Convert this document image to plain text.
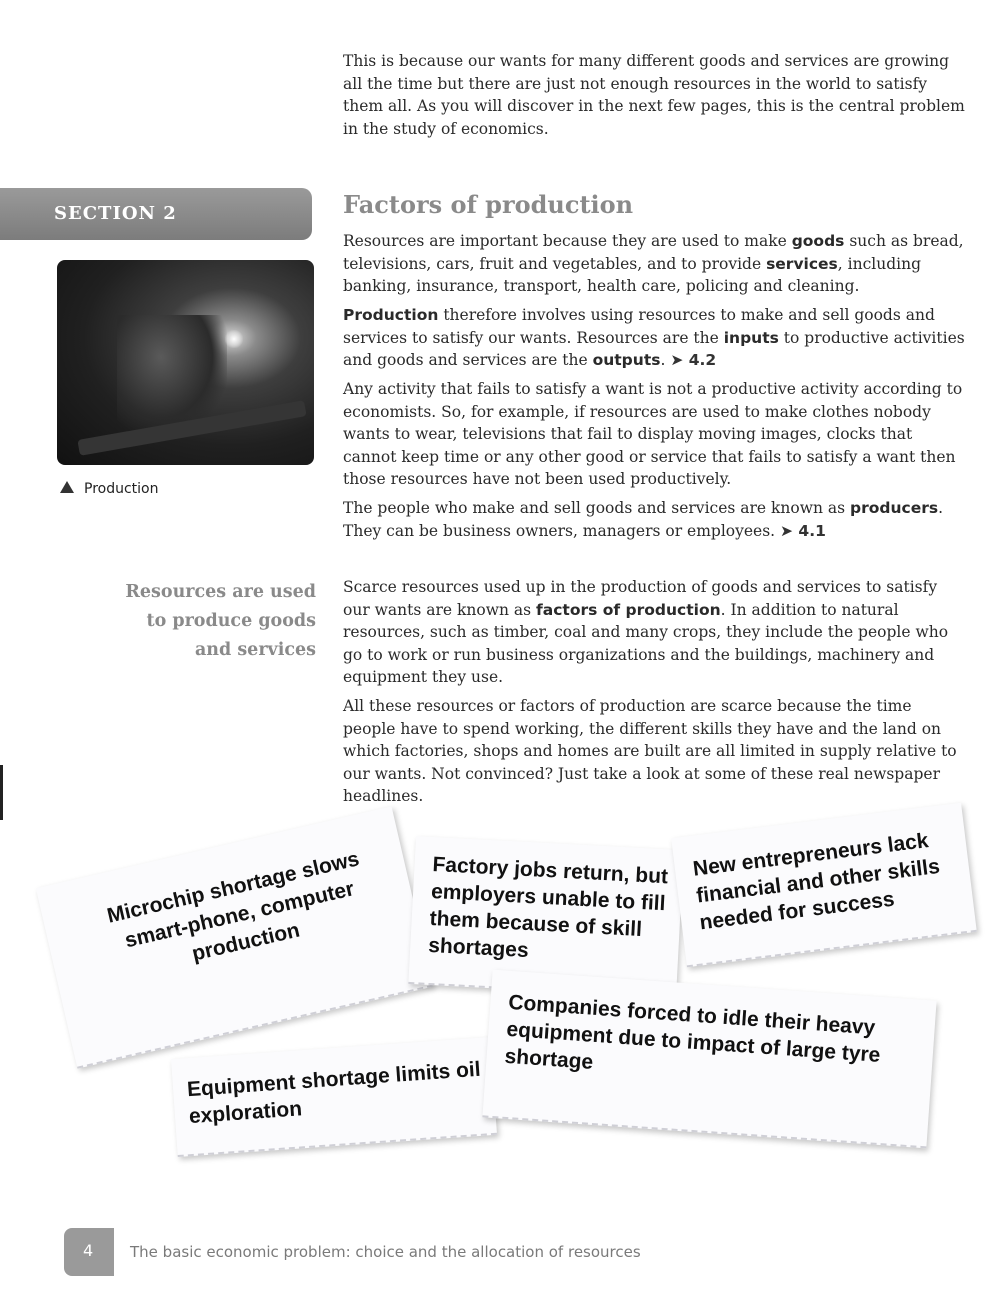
This is because our wants for many different goods and services are growing all the time but there are just not enough resources in the world to satisfy them all. As you will discover in the next few pages, this is the central problem in the study of economics.

SECTION 2	Factors of production
Production

Resources are important because they are used to make goods such as bread, televisions, cars, fruit and vegetables, and to provide services, including banking, insurance, transport, health care, policing and cleaning.

Production therefore involves using resources to make and sell goods and services to satisfy our wants. Resources are the inputs to productive activities and goods and services are the outputs. ➤ 4.2

Any activity that fails to satisfy a want is not a productive activity according to economists. So, for example, if resources are used to make clothes nobody wants to wear, televisions that fail to display moving images, clocks that cannot keep time or any other good or service that fails to satisfy a want then those resources have not been used productively.

The people who make and sell goods and services are known as producers. They can be business owners, managers or employees. ➤ 4.1

Resources are used
to produce goods
and services

Scarce resources used up in the production of goods and services to satisfy our wants are known as factors of production. In addition to natural resources, such as timber, coal and many crops, they include the people who go to work or run business organizations and the buildings, machinery and equipment they use.

All these resources or factors of production are scarce because the time people have to spend working, the different skills they have and the land on which factories, shops and homes are built are all limited in supply relative to our wants. Not convinced? Just take a look at some of these real newspaper headlines.

Microchip shortage slows smart-phone, computer production
Factory jobs return, but employers unable to fill them because of skill shortages
New entrepreneurs lack financial and other skills needed for success
Equipment shortage limits oil exploration
Companies forced to idle their heavy equipment due to impact of large tyre shortage
4 The basic economic problem: choice and the allocation of resources
